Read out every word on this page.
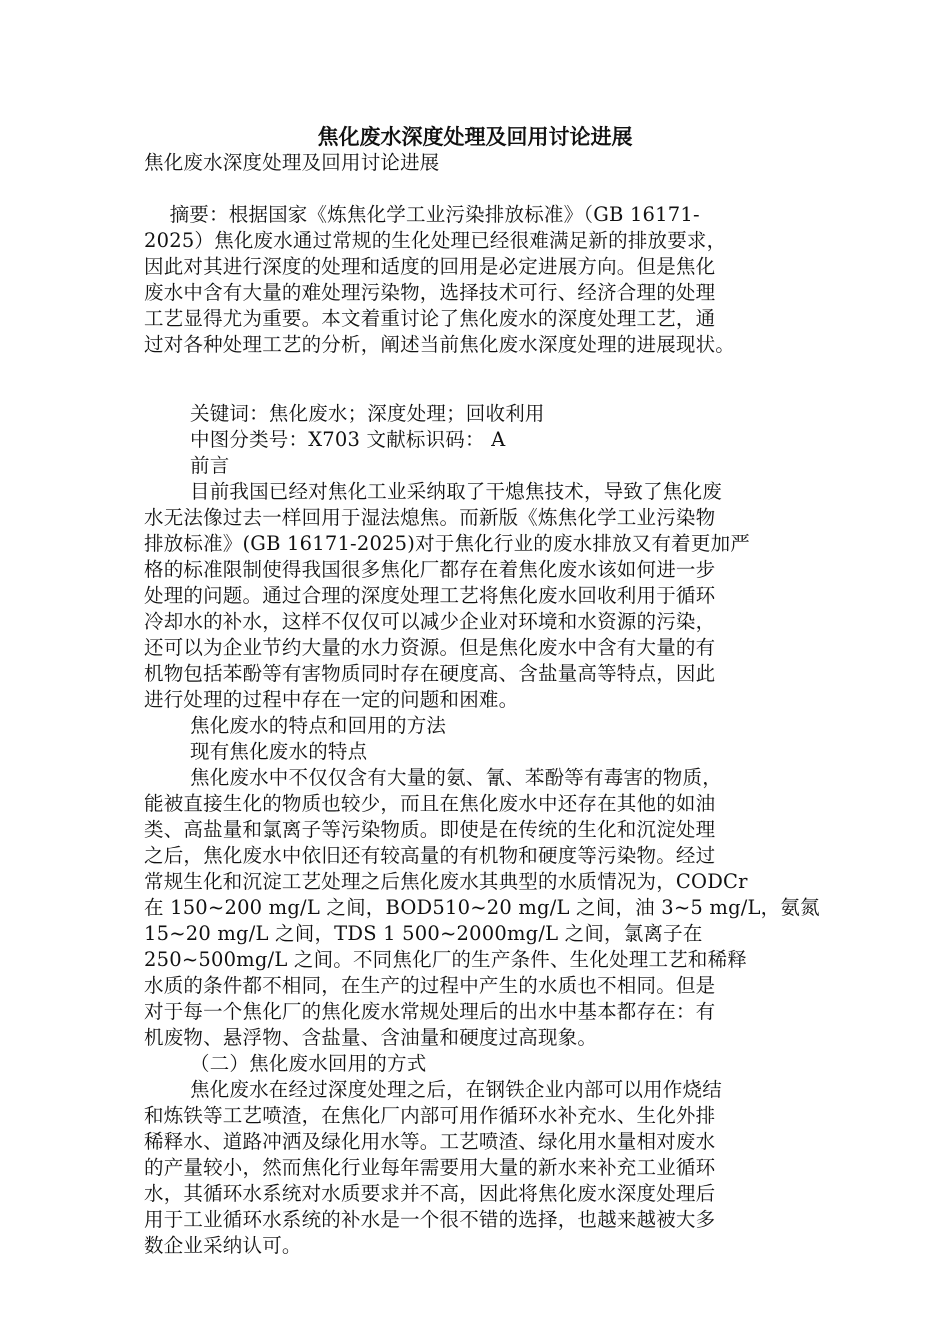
焦化废水深度处理及回用讨论进展
焦化废水深度处理及回用讨论进展
摘要：根据国家《炼焦化学工业污染排放标准》（GB 16171-
2025）焦化废水通过常规的生化处理已经很难满足新的排放要求，
因此对其进行深度的处理和适度的回用是必定进展方向。但是焦化
废水中含有大量的难处理污染物，选择技术可行、经济合理的处理
工艺显得尤为重要。本文着重讨论了焦化废水的深度处理工艺，通
过对各种处理工艺的分析，阐述当前焦化废水深度处理的进展现状。
关键词：焦化废水；深度处理；回收利用
中图分类号：X703 文献标识码： A
前言
目前我国已经对焦化工业采纳取了干熄焦技术，导致了焦化废
水无法像过去一样回用于湿法熄焦。而新版《炼焦化学工业污染物
排放标准》(GB 16171-2025)对于焦化行业的废水排放又有着更加严
格的标准限制使得我国很多焦化厂都存在着焦化废水该如何进一步
处理的问题。通过合理的深度处理工艺将焦化废水回收利用于循环
冷却水的补水，这样不仅仅可以减少企业对环境和水资源的污染，
还可以为企业节约大量的水力资源。但是焦化废水中含有大量的有
机物包括苯酚等有害物质同时存在硬度高、含盐量高等特点，因此
进行处理的过程中存在一定的问题和困难。
焦化废水的特点和回用的方法
现有焦化废水的特点
焦化废水中不仅仅含有大量的氨、氰、苯酚等有毒害的物质，
能被直接生化的物质也较少，而且在焦化废水中还存在其他的如油
类、高盐量和氯离子等污染物质。即使是在传统的生化和沉淀处理
之后，焦化废水中依旧还有较高量的有机物和硬度等污染物。经过
常规生化和沉淀工艺处理之后焦化废水其典型的水质情况为，CODCr
在 150~200 mg/L 之间，BOD510~20 mg/L 之间，油 3~5 mg/L，氨氮
15~20 mg/L 之间，TDS 1 500~2000mg/L 之间，氯离子在
250~500mg/L 之间。不同焦化厂的生产条件、生化处理工艺和稀释
水质的条件都不相同，在生产的过程中产生的水质也不相同。但是
对于每一个焦化厂的焦化废水常规处理后的出水中基本都存在：有
机废物、悬浮物、含盐量、含油量和硬度过高现象。
（二）焦化废水回用的方式
焦化废水在经过深度处理之后，在钢铁企业内部可以用作烧结
和炼铁等工艺喷渣，在焦化厂内部可用作循环水补充水、生化外排
稀释水、道路冲洒及绿化用水等。工艺喷渣、绿化用水量相对废水
的产量较小，然而焦化行业每年需要用大量的新水来补充工业循环
水，其循环水系统对水质要求并不高，因此将焦化废水深度处理后
用于工业循环水系统的补水是一个很不错的选择，也越来越被大多
数企业采纳认可。
